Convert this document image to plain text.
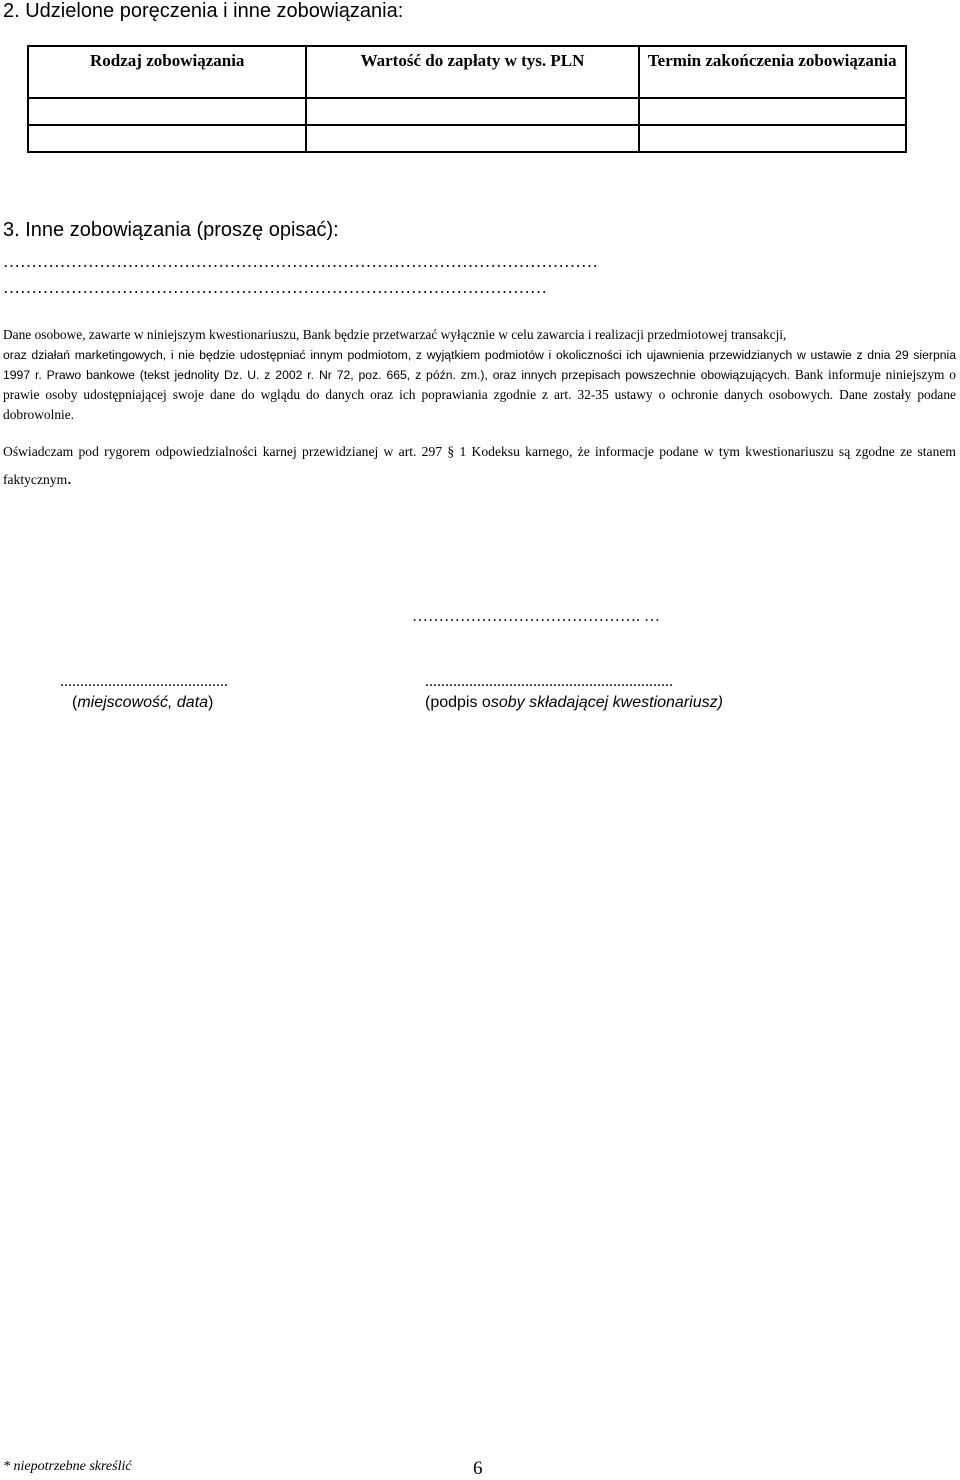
2. Udzielone poręczenia i inne zobowiązania:
Rodzaj zobowiązania	Wartość do zapłaty w tys. PLN	Termin zakończenia zobowiązania

3. Inne zobowiązania (proszę opisać):
……………………………………………………………………………………………
……………………………………………………………………………………
Dane osobowe, zawarte w niniejszym kwestionariuszu, Bank będzie przetwarzać wyłącznie w celu zawarcia i realizacji przedmiotowej transakcji,
oraz działań marketingowych, i nie będzie udostępniać innym podmiotom, z wyjątkiem podmiotów i okoliczności ich ujawnienia przewidzianych w ustawie z dnia 29 sierpnia 1997 r. Prawo bankowe (tekst jednolity Dz. U. z 2002 r. Nr 72, poz. 665, z późn. zm.), oraz innych przepisach powszechnie obowiązujących. Bank informuje niniejszym o prawie osoby udostępniającej swoje dane do wglądu do danych oraz ich poprawiania zgodnie z art. 32-35 ustawy o ochronie danych osobowych. Dane zostały podane dobrowolnie.
Oświadczam pod rygorem odpowiedzialności karnej przewidzianej w art. 297 § 1 Kodeksu karnego, że informacje podane w tym kwestionariuszu są zgodne ze stanem faktycznym.
……………………………………. …
..........................................	..............................................................
(miejscowość, data)	(podpis osoby składającej kwestionariusz)
* niepotrzebne skreślić	6
